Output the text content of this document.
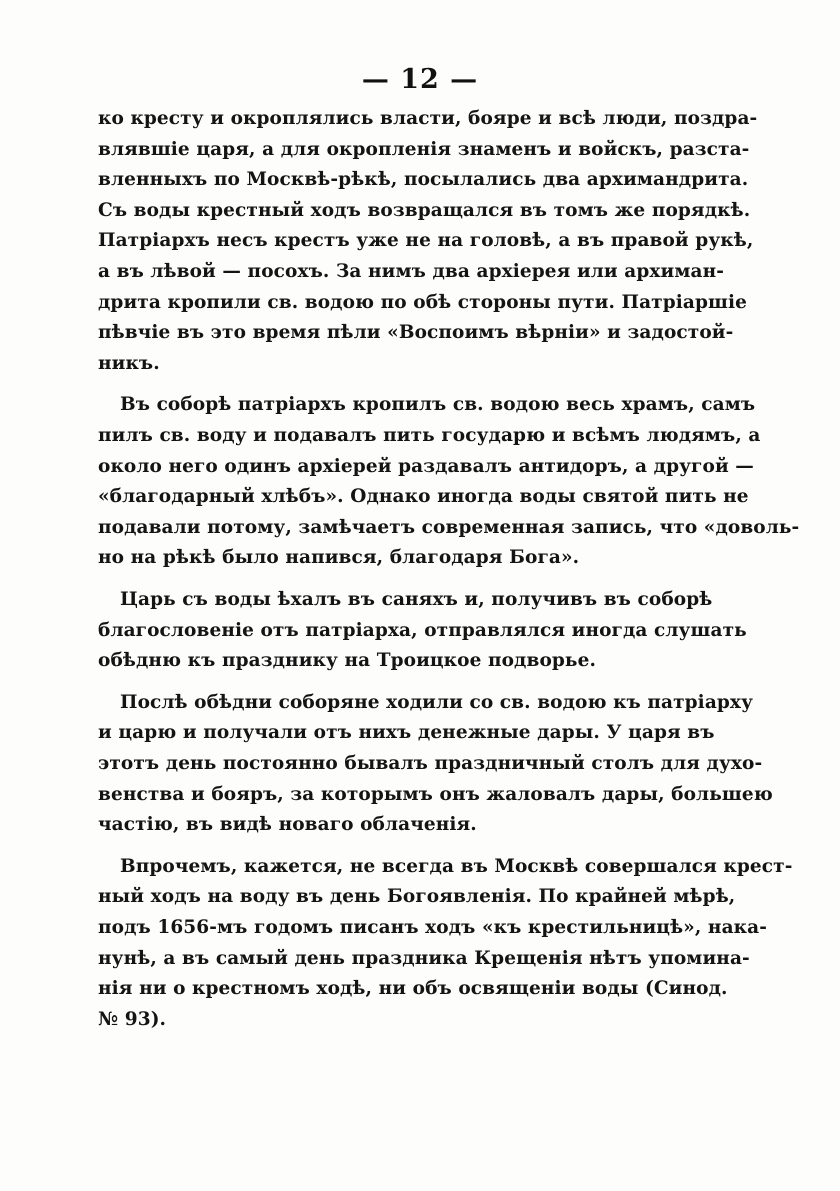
— 12 —
ко кресту и окроплялись власти, бояре и всѣ люди, поздра-
влявшіе царя, а для окропленія знаменъ и войскъ, разста-
вленныхъ по Москвѣ-рѣкѣ, посылались два архимандрита.
Съ воды крестный ходъ возвращался въ томъ же порядкѣ.
Патріархъ несъ крестъ уже не на головѣ, а въ правой рукѣ,
а въ лѣвой — посохъ. За нимъ два архіерея или архиман-
дрита кропили св. водою по обѣ стороны пути. Патріаршіе
пѣвчіе въ это время пѣли «Воспоимъ вѣрніи» и задостой-
никъ.
Въ соборѣ патріархъ кропилъ св. водою весь храмъ, самъ
пилъ св. воду и подавалъ пить государю и всѣмъ людямъ, а
около него одинъ архіерей раздавалъ антидоръ, а другой —
«благодарный хлѣбъ». Однако иногда воды святой пить не
подавали потому, замѣчаетъ современная запись, что «доволь-
но на рѣкѣ было напився, благодаря Бога».
Царь съ воды ѣхалъ въ саняхъ и, получивъ въ соборѣ
благословеніе отъ патріарха, отправлялся иногда слушать
обѣдню къ празднику на Троицкое подворье.
Послѣ обѣдни соборяне ходили со св. водою къ патріарху
и царю и получали отъ нихъ денежные дары. У царя въ
этотъ день постоянно бывалъ праздничный столъ для духо-
венства и бояръ, за которымъ онъ жаловалъ дары, большею
частію, въ видѣ новаго облаченія.
Впрочемъ, кажется, не всегда въ Москвѣ совершался крест-
ный ходъ на воду въ день Богоявленія. По крайней мѣрѣ,
подъ 1656-мъ годомъ писанъ ходъ «къ крестильницѣ», нака-
нунѣ, а въ самый день праздника Крещенія нѣтъ упомина-
нія ни о крестномъ ходѣ, ни объ освященіи воды (Синод.
№ 93).
